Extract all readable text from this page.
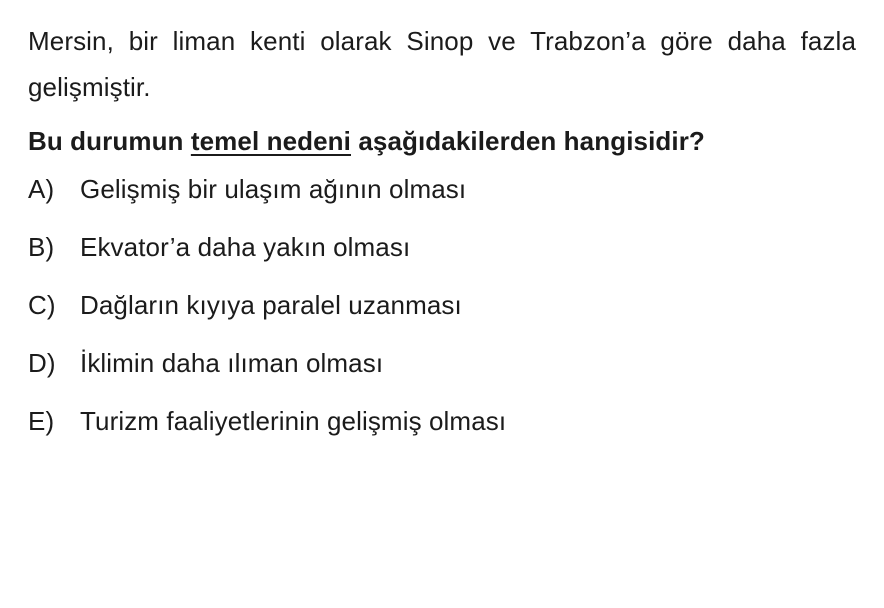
Mersin, bir liman kenti olarak Sinop ve Trabzon’a göre daha fazla gelişmiştir.

Bu durumun temel nedeni aşağıdakilerden hangisidir?

A) Gelişmiş bir ulaşım ağının olması
B) Ekvator’a daha yakın olması
C) Dağların kıyıya paralel uzanması
D) İklimin daha ılıman olması
E) Turizm faaliyetlerinin gelişmiş olması
